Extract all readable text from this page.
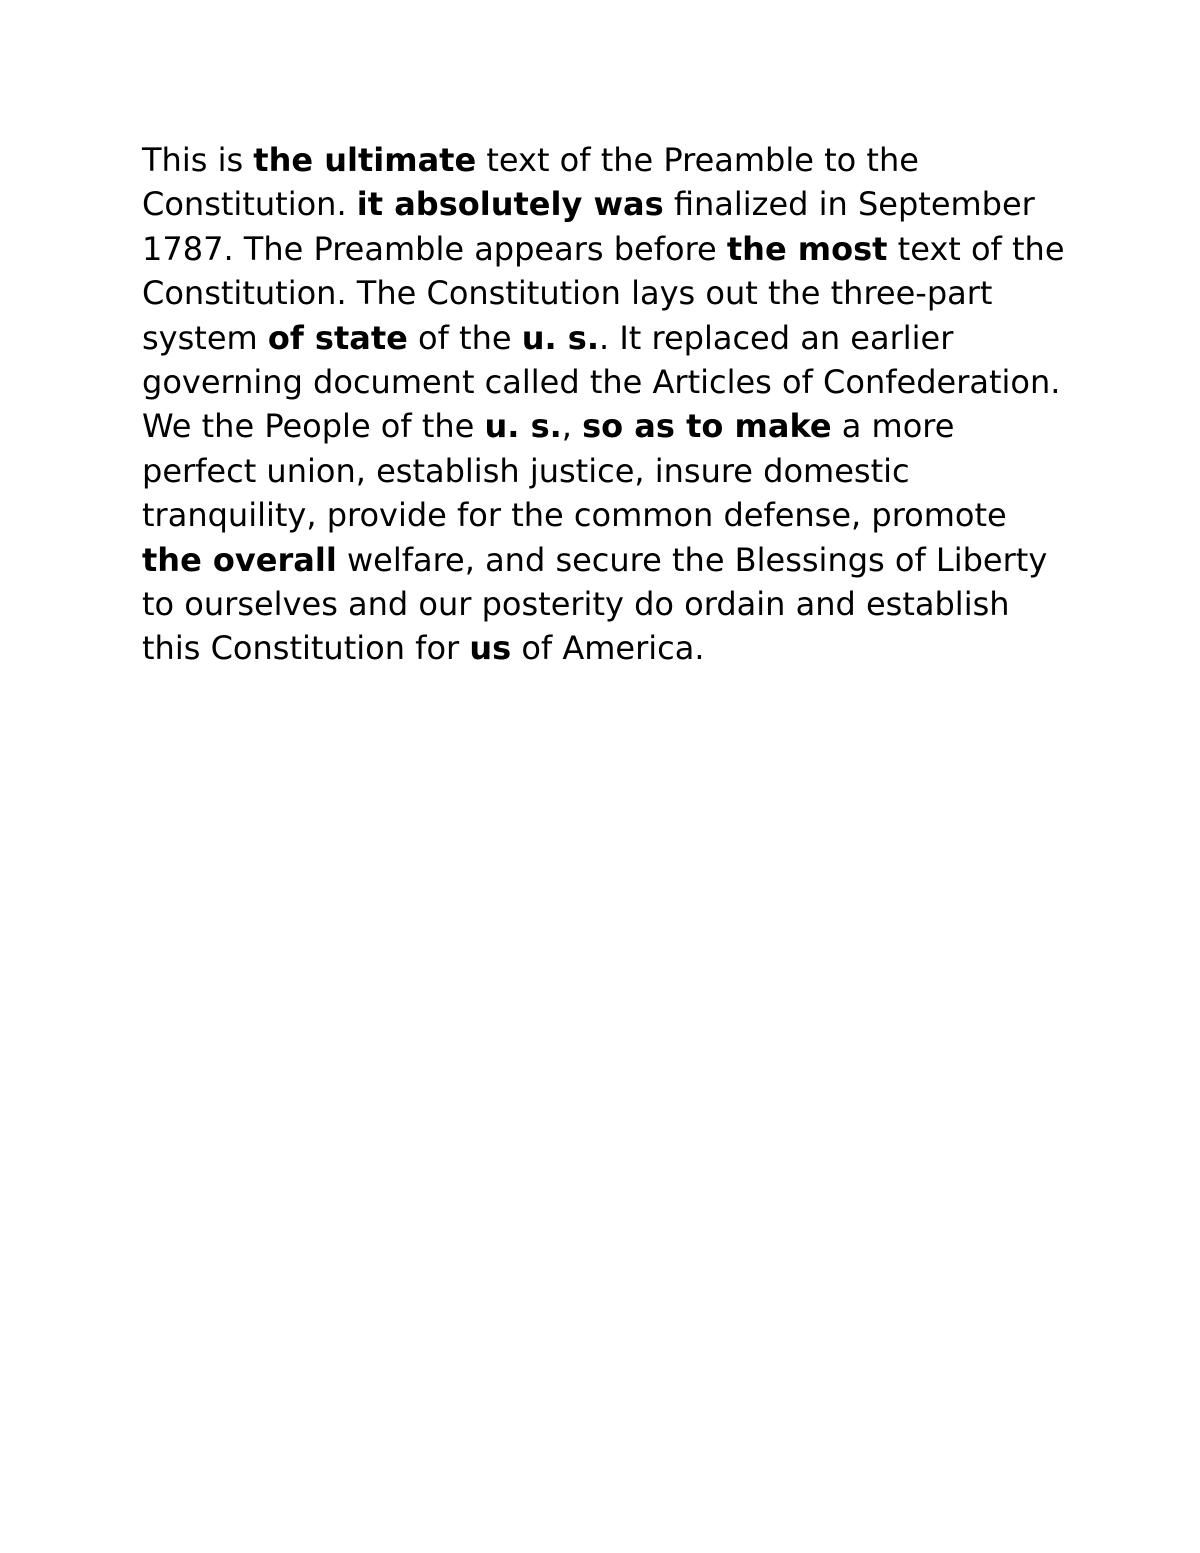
This is the ultimate text of the Preamble to the Constitution. it absolutely was finalized in September 1787. The Preamble appears before the most text of the Constitution. The Constitution lays out the three-part system of state of the u. s.. It replaced an earlier governing document called the Articles of Confederation.

We the People of the u. s., so as to make a more perfect union, establish justice, insure domestic tranquility, provide for the common defense, promote the overall welfare, and secure the Blessings of Liberty to ourselves and our posterity do ordain and establish this Constitution for us of America.
